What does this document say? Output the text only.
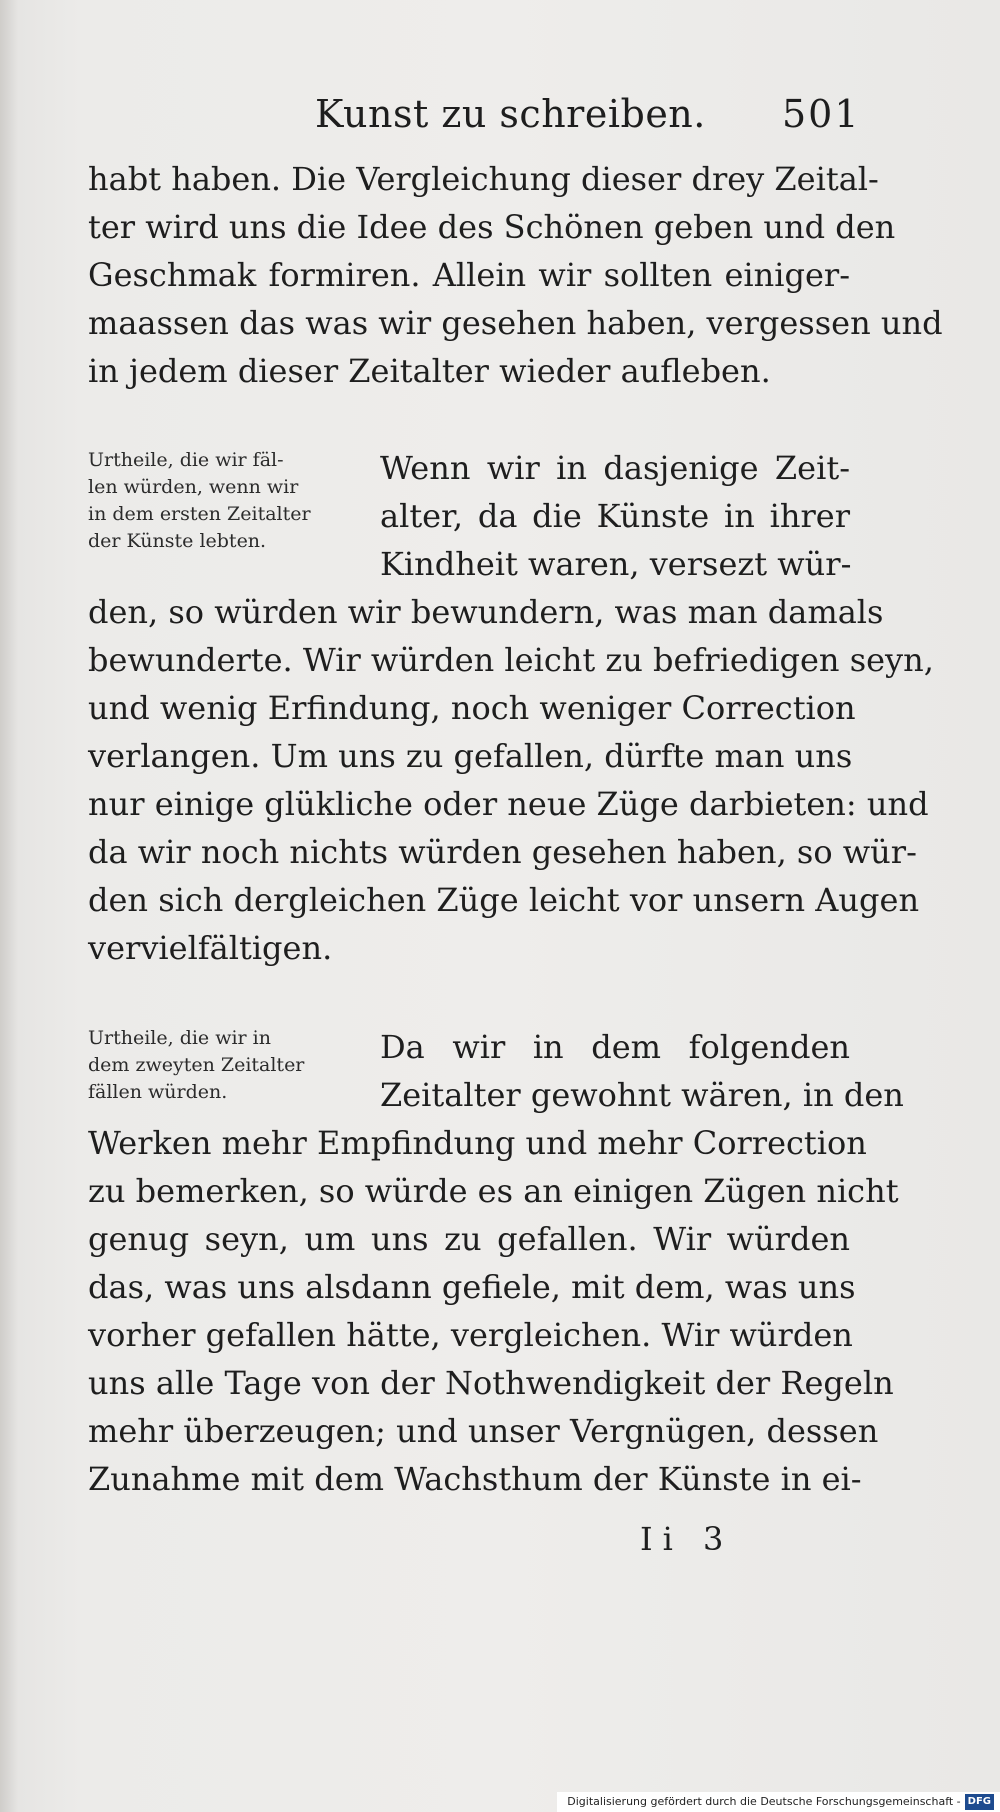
Kunst zu schreiben. 501
habt haben. Die Vergleichung dieser drey Zeital-
ter wird uns die Idee des Schönen geben und den
Geschmak formiren. Allein wir sollten einiger-
maassen das was wir gesehen haben, vergessen und
in jedem dieser Zeitalter wieder aufleben.
Urtheile, die wir fäl-
len würden, wenn wir
in dem ersten Zeitalter
der Künste lebten.
Wenn wir in dasjenige Zeit-
alter, da die Künste in ihrer
Kindheit waren, versezt wür-
den, so würden wir bewundern, was man damals
bewunderte. Wir würden leicht zu befriedigen seyn,
und wenig Erfindung, noch weniger Correction
verlangen. Um uns zu gefallen, dürfte man uns
nur einige glükliche oder neue Züge darbieten: und
da wir noch nichts würden gesehen haben, so wür-
den sich dergleichen Züge leicht vor unsern Augen
vervielfältigen.
Urtheile, die wir in
dem zweyten Zeitalter
fällen würden.
Da wir in dem folgenden
Zeitalter gewohnt wären, in den
Werken mehr Empfindung und mehr Correction
zu bemerken, so würde es an einigen Zügen nicht
genug seyn, um uns zu gefallen. Wir würden
das, was uns alsdann gefiele, mit dem, was uns
vorher gefallen hätte, vergleichen. Wir würden
uns alle Tage von der Nothwendigkeit der Regeln
mehr überzeugen; und unser Vergnügen, dessen
Zunahme mit dem Wachsthum der Künste in ei-
Ii 3
Digitalisierung gefördert durch die Deutsche Forschungsgemeinschaft - DFG
